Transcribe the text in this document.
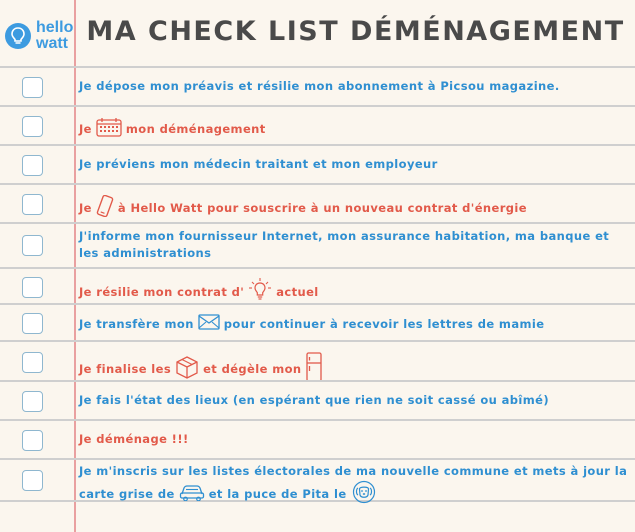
hello
watt MA CHECK LIST DÉMÉNAGEMENT
Je dépose mon préavis et résilie mon abonnement à Picsou magazine.
Je	mon déménagement
Je préviens mon médecin traitant et mon employeur
Je à Hello Watt pour souscrire à un nouveau contrat d'énergie
J'informe mon fournisseur Internet, mon assurance habitation, ma banque et les administrations
Je résilie mon contrat d'	actuel
Je transfère mon	pour continuer à recevoir les lettres de mamie
Je finalise les	et dégèle mon
Je fais l'état des lieux (en espérant que rien ne soit cassé ou abîmé)
Je déménage !!!
Je m'inscris sur les listes électorales de ma nouvelle commune et mets à jour la carte grise de	et la puce de Pita le
